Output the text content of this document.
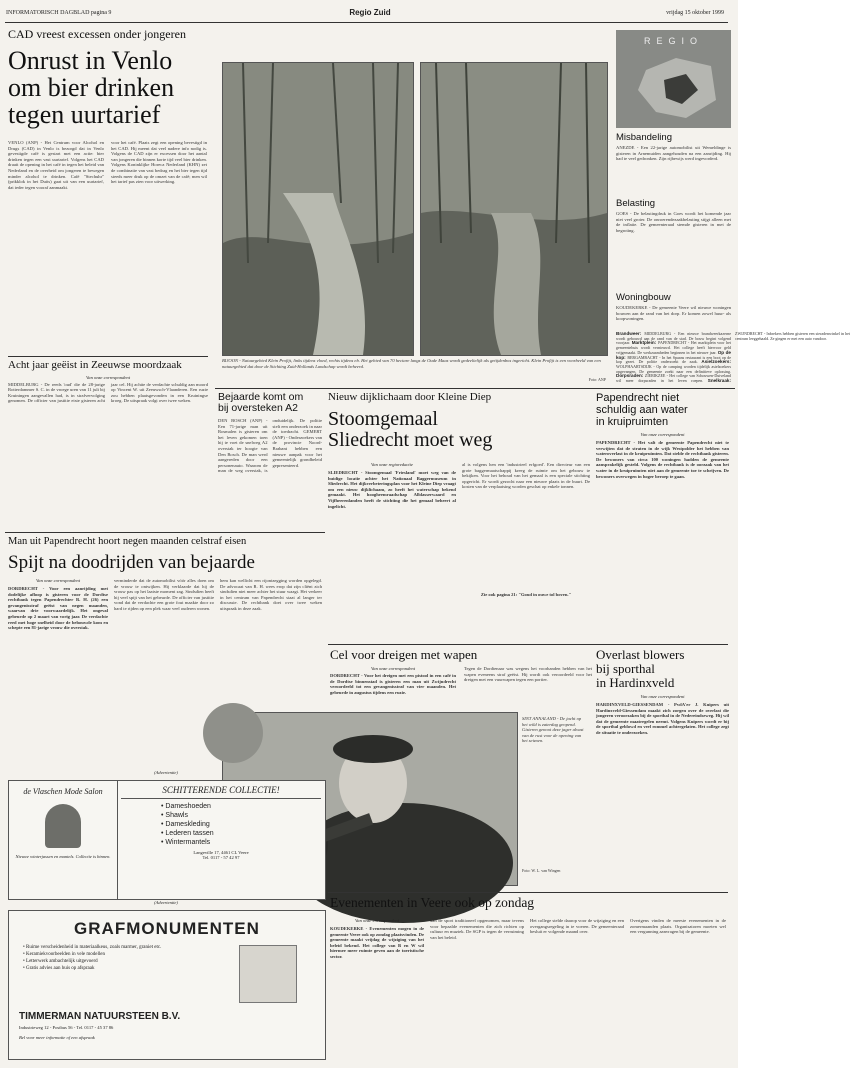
INFORMATORISCH DAGBLAD pagina 9	Regio Zuid	vrijdag 15 oktober 1999
CAD vreest excessen onder jongeren
Onrust in Venlo
om bier drinken
tegen uurtarief
VENLO (ANP) - Het Centrum voor Alcohol en Drugs (CAD) in Venlo is bezorgd dat in Venlo gevestigde café is gestart met een actie: bier drinken tegen een vast uurtarief. Volgens het CAD draait de opening in het café in tegen het beleid van Nederland en de overheid om jongeren te bewegen minder alcohol te drinken. Café "Stechuhr" (prikklok in het Duits) gaat uit van een uurtarief, dat ieder tegen vooraf aanmaakt.
voor het café. Plaats zegt een opening bevestigd in het CAD. Hij meent dat veel nadere info nodig is. Volgens de CAD zijn er excessen door het aantal van jongeren die binnen korte tijd veel bier drinken. Volgens Koninklijke Horeca Nederland (KHN) zet de combinatie van vast bedrag en het bier tegen tijd steeds meer druk op de omzet van de café; men wil het tarief pas zien voor uitwerking.
Acht jaar geëist in Zeeuwse moordzaak
Van onze correspondent
MIDDELBURG - De reeds 'oud' die de 28-jarige Rotterdammer S. C. in de vroege uren van 11 juli bij Kruiningen aangevallen had, is in strafvervolging genomen. De officier van justitie eiste gisteren acht jaar cel. Hij achtte de verdachte schuldig aan moord op Vincent W. uit Zeeuwsch-Vlaanderen. Een ruzie zou hebben plaatsgevonden in een Kruiningse kroeg. De uitspraak volgt over twee weken.
BIJOON - Natuurgebied Klein Profijt, links tijdens vloed, rechts tijdens eb. Het gebied van 70 hectare langs de Oude Maas wordt gedeeltelijk als getijdenbos ingericht. Klein Profijt is een voorbeeld van een natuurgebied dat door de Stichting Zuid-Hollands Landschap wordt beheerd.
Foto: ANP
Bejaarde komt om
bij oversteken A2
DEN BOSCH (ANP) - Een 71-jarige man uit Rosmalen is gisteren om het leven gekomen toen hij te voet de snelweg A2 overstak ter hoogte van Den Bosch. De man werd aangereden door een personenauto. Waarom de man de weg overstak, is onduidelijk. De politie stelt een onderzoek in naar de toedracht. GEMERT (ANP) - Onderzoekers van de provincie Noord-Brabant hebben een nieuwe aanpak voor het gemeentelijk grondbeleid gepresenteerd.
Nieuw dijklichaam door Kleine Diep
Stoomgemaal
Sliedrecht moet weg
Van onze regioredactie
SLIEDRECHT - Stoomgemaal 'Friesland' moet weg van de huidige locatie achter het Nationaal Baggermuseum in Sliedrecht. Het dijkverbeteringsplan voor het Kleine Diep vraagt om een nieuw dijklichaam, zo heeft het waterschap bekend gemaakt. Het hoogheemraadschap Alblasserwaard en Vijfheerenlanden heeft de stichting die het gemaal beheert al ingelicht.
al is volgens hen een 'industrieel erfgoed'. Een directeur van een grote baggermaatschappij kreeg de ruimte om het gebouw te bekijken. Voor het behoud van het gemaal is een speciale stichting opgericht. Er wordt gezocht naar een nieuwe plaats in de buurt. De kosten van de verplaatsing worden geschat op enkele tonnen.
Zie ook pagina 21: "Goud in ouwe tol boven."
Papendrecht niet
schuldig aan water
in kruipruimten
Van onze correspondent
PAPENDRECHT - Het valt de gemeente Papendrecht niet te verwijten dat de straten in de wijk Westpolder het hebben van wateroverlast in de kruipruimten. Dat stelde de rechtbank gisteren. De bewoners van circa 100 woningen hadden de gemeente aansprakelijk gesteld. Volgens de rechtbank is de oorzaak van het water in de kruipruimten niet aan de gemeente toe te schrijven. De bewoners overwegen in hoger beroep te gaan.
Man uit Papendrecht hoort negen maanden celstraf eisen
Spijt na doodrijden van bejaarde
Van onze correspondent
DORDRECHT - Voor een aanrijding met dodelijke afloop is gisteren voor de Dordtse rechtbank tegen Papendrechter R. H. (26) een gevangenisstraf geëist van negen maanden, waarvan drie voorwaardelijk. Het ongeval gebeurde op 2 maart van vorig jaar. De verdachte reed met hoge snelheid door de bebouwde kom en schepte een 81-jarige vrouw die overstak.
verminderde dat de automobilist vóór alles doen om de vrouw te ontwijken. Hij verklaarde dat hij de vrouw pas op het laatste moment zag. Sindsdien heeft hij veel spijt van het gebeurde. De officier van justitie vond dat de verdachte een grote fout maakte door zo hard te rijden op een plek waar veel ouderen wonen.
hem kan wellicht een rijontzegging worden opgelegd. De advocaat van R. H. wees erop dat zijn cliënt zich sindsdien niet meer achter het stuur waagt. Het verkeer in het centrum van Papendrecht staat al langer ter discussie. De rechtbank doet over twee weken uitspraak in deze zaak.
Cel voor dreigen met wapen
Van onze correspondent
DORDRECHT - Voor het dreigen met een pistool in een café in de Dordtse binnenstad is gisteren een man uit Zwijndrecht veroordeeld tot een gevangenisstraf van vier maanden. Het gebeurde in augustus tijdens een ruzie.
Tegen de Dordtenaar was wegens het voorhanden hebben van het wapen eveneens straf geëist. Hij wordt ook veroordeeld voor het dreigen met een vuurwapen tegen een portier.
SINT ANNALAND - De jacht op het wild is zaterdag geopend. Gisteren genoot deze jager alvast van de rust voor de opening van het seizoen.
Foto: W. L. van Wingen
Overlast blowers
bij sporthal
in Hardinxveld
Van onze correspondent
HARDINXVELD-GIESSENDAM - PvdA'er J. Kuipers uit Hardinxveld-Giessendam maakt zich zorgen over de overlast die jongeren veroorzaken bij de sporthal in de Nedereindseweg. Hij wil dat de gemeente maatregelen neemt. Volgens Kuipers wordt er bij de sporthal geblowd en veel rommel achtergelaten. Het college zegt de situatie te onderzoeken.
(Advertentie)
de Vlaschen Mode Salon
Nieuwe winterjassen en mantels. Collectie is binnen.
SCHITTERENDE COLLECTIE!
• Dameshoeden
• Shawls
• Dameskleding
• Lederen tassen
• Wintermantels
Langeville 17, 4461 CL Veere
Tel. 0117 - 57 42 97
(Advertentie)
GRAFMONUMENTEN
• Ruime verscheidenheid in materiaalkeus, zoals marmer, graniet etc.
• Keramiekvoorbeelden in vele modellen
• Letterwerk ambachtelijk uitgevoerd
• Gratis advies aan huis op afspraak
TIMMERMAN NATUURSTEEN B.V.
Industrieweg 12 - Postbus 56 - Tel. 0117 - 45 37 86
Bel voor meer informatie of een afspraak
Evenementen in Veere ook op zondag
Van onze correspondent
KOUDEKERKE - Evenementen mogen in de gemeente Veere ook op zondag plaatsvinden. De gemeente maakt vrijdag de wijziging van het beleid bekend. Het college van B en W wil hiermee meer ruimte geven aan de toeristische sector.
dan de sport traditioneel opgenomen, maar tevens voor bepaalde evenementen die zich richten op cultuur en muziek. De SGP is tegen de verruiming van het beleid.
Het college stelde daarop voor de wijziging en een overgangsregeling in te voeren. De gemeenteraad besluit er volgende maand over.
Overigens vinden de meeste evenementen in de zomermaanden plaats. Organisatoren moeten wel een vergunning aanvragen bij de gemeente.
REGIO
Misbandeling
ANEZDE - Een 22-jarige automobilist uit Wemeldinge is gisteren in Arnemuiden aangehouden na een aanrijding. Hij had te veel gedronken. Zijn rijbewijs werd ingevorderd.
Belasting
GOES - De belastingdruk in Goes wordt het komende jaar niet veel groter. De onroerendezaakbelasting stijgt alleen met de inflatie. De gemeenteraad stemde gisteren in met de begroting.
Woningbouw
KOUDEKERKE - De gemeente Veere wil nieuwe woningen bouwen aan de rand van het dorp. Er komen zowel huur- als koopwoningen.
Brandweer: MIDDELBURG - Een nieuwe brandweerkazerne wordt gebouwd aan de rand van de stad. De bouw begint volgend voorjaar. Marktplein: PAPENDRECHT - Het marktplein voor het gemeentehuis wordt vernieuwd. Het college heeft hiervoor geld vrijgemaakt. De werkzaamheden beginnen in het nieuwe jaar. Op de kop: BERGAMBACHT - In het Spaans restaurant is een boot op de kop gezet. De politie onderzoekt de zaak. Asielzoekers: WOLPHAARTSDIJK - Op de camping worden tijdelijk asielzoekers opgevangen. De gemeente zoekt naar een definitieve oplossing. Dorpsraden: ZIERIKZEE - Het college van Schouwen-Duiveland wil meer dorpsraden in het leven roepen. Snelkraak: ZWIJNDRECHT - Inbrekers hebben gisteren een sieradenwinkel in het centrum leeggehaald. Ze gingen er met een auto vandoor.
